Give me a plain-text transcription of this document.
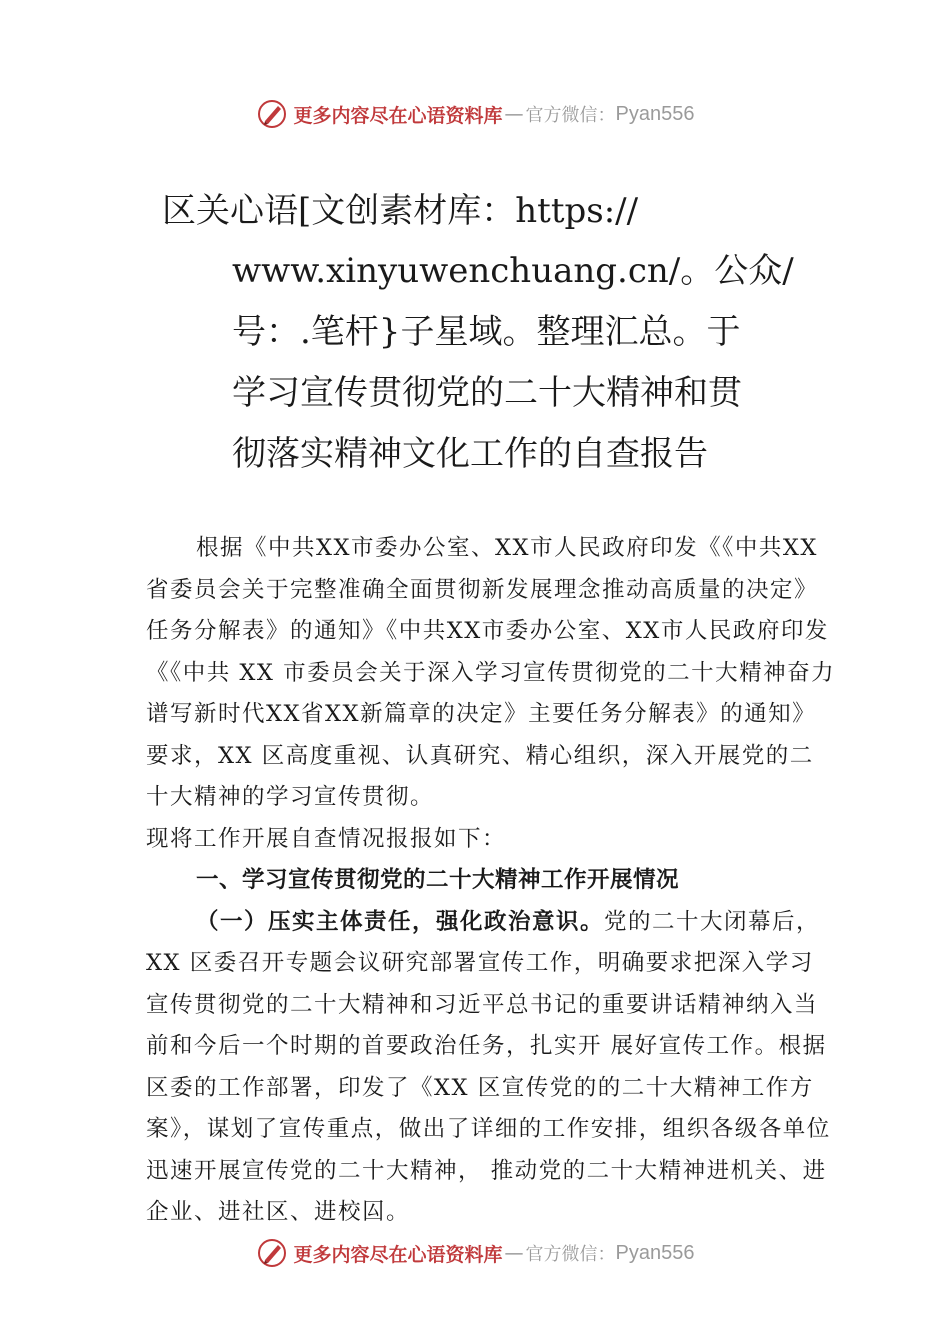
更多内容尽在心语资料库 — 官方微信： Pyan556
区关心语[文创素材库：https://
www.xinyuwenchuang.cn/。公众/
号：.笔杆}子星域。整理汇总。于
学习宣传贯彻党的二十大精神和贯
彻落实精神文化工作的自查报告

根据《中共XX市委办公室、XX市人民政府印发《《中共XX省委员会关于完整准确全面贯彻新发展理念推动高质量的决定》任务分解表》的通知》《中共XX市委办公室、XX市人民政府印发《《中共 XX 市委员会关于深入学习宣传贯彻党的二十大精神奋力谱写新时代XX省XX新篇章的决定》主要任务分解表》的通知》要求，XX 区高度重视、认真研究、精心组织，深入开展党的二十大精神的学习宣传贯彻。

现将工作开展自查情况报报如下：

一、学习宣传贯彻党的二十大精神工作开展情况

（一）压实主体责任，强化政治意识。党的二十大闭幕后，XX 区委召开专题会议研究部署宣传工作，明确要求把深入学习宣传贯彻党的二十大精神和习近平总书记的重要讲话精神纳入当前和今后一个时期的首要政治任务，扎实开 展好宣传工作。根据区委的工作部署，印发了《XX 区宣传党的的二十大精神工作方案》，谋划了宣传重点，做出了详细的工作安排，组织各级各单位迅速开展宣传党的二十大精神， 推动党的二十大精神进机关、进企业、进社区、进校囜。

更多内容尽在心语资料库 — 官方微信： Pyan556
